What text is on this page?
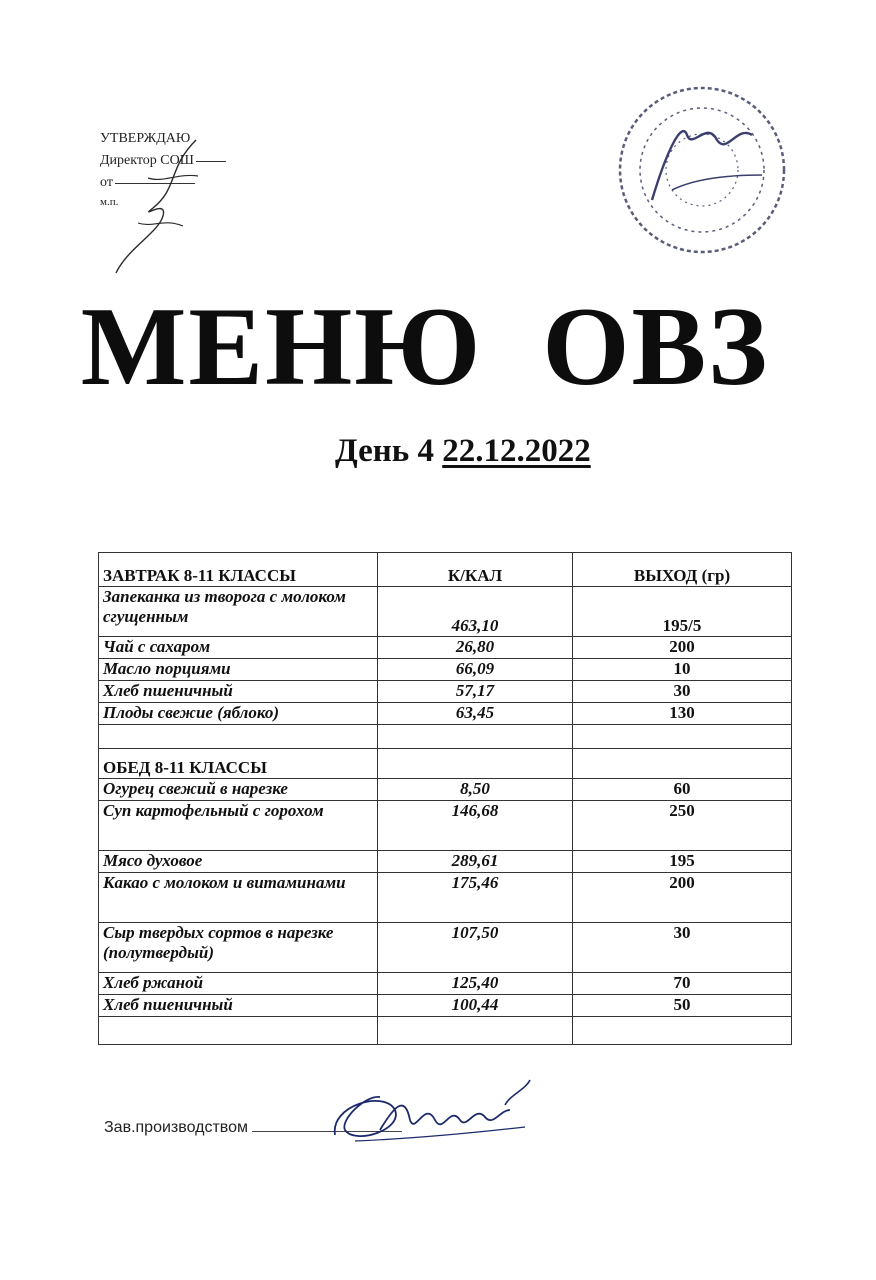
УТВЕРЖДАЮ
Директор СОШ
от
м.п.
МЕНЮ ОВЗ
День 4 22.12.2022
ЗАВТРАК 8-11 КЛАССЫ	К/КАЛ	ВЫХОД (гр)
Запеканка из творога с молоком сгущенным	463,10	195/5
Чай с сахаром	26,80	200
Масло порциями	66,09	10
Хлеб пшеничный	57,17	30
Плоды свежие (яблоко)	63,45	130

ОБЕД 8-11 КЛАССЫ		
Огурец свежий в нарезке	8,50	60
Суп картофельный с горохом	146,68	250
Мясо духовое	289,61	195
Какао с молоком и витаминами	175,46	200
Сыр твердых сортов в нарезке (полутвердый)	107,50	30
Хлеб ржаной	125,40	70
Хлеб пшеничный	100,44	50

Зав.производством
